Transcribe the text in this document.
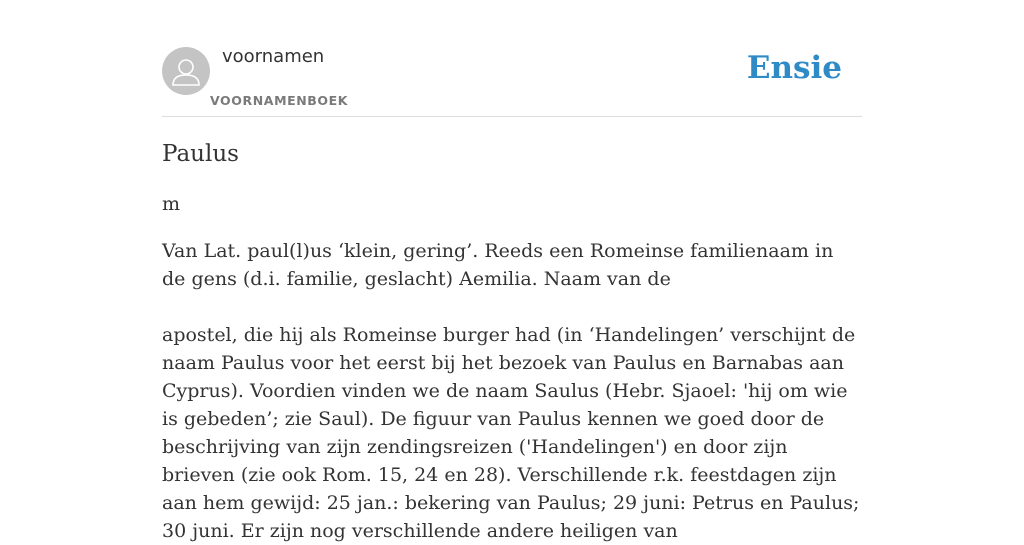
voornamen
VOORNAMENBOEK
Ensie
Paulus

m

Van Lat. paul(l)us ‘klein, gering’. Reeds een Romeinse familienaam in de gens (d.i. familie, geslacht) Aemilia. Naam van de

apostel, die hij als Romeinse burger had (in ‘Handelingen’ verschijnt de naam Paulus voor het eerst bij het bezoek van Paulus en Barnabas aan Cyprus). Voordien vinden we de naam Saulus (Hebr. Sjaoel: 'hij om wie is gebeden’; zie Saul). De figuur van Paulus kennen we goed door de beschrijving van zijn zendingsreizen ('Handelingen') en door zijn brieven (zie ook Rom. 15, 24 en 28). Verschillende r.k. feestdagen zijn aan hem gewijd: 25 jan.: bekering van Paulus; 29 juni: Petrus en Paulus; 30 juni. Er zijn nog verschillende andere heiligen van
